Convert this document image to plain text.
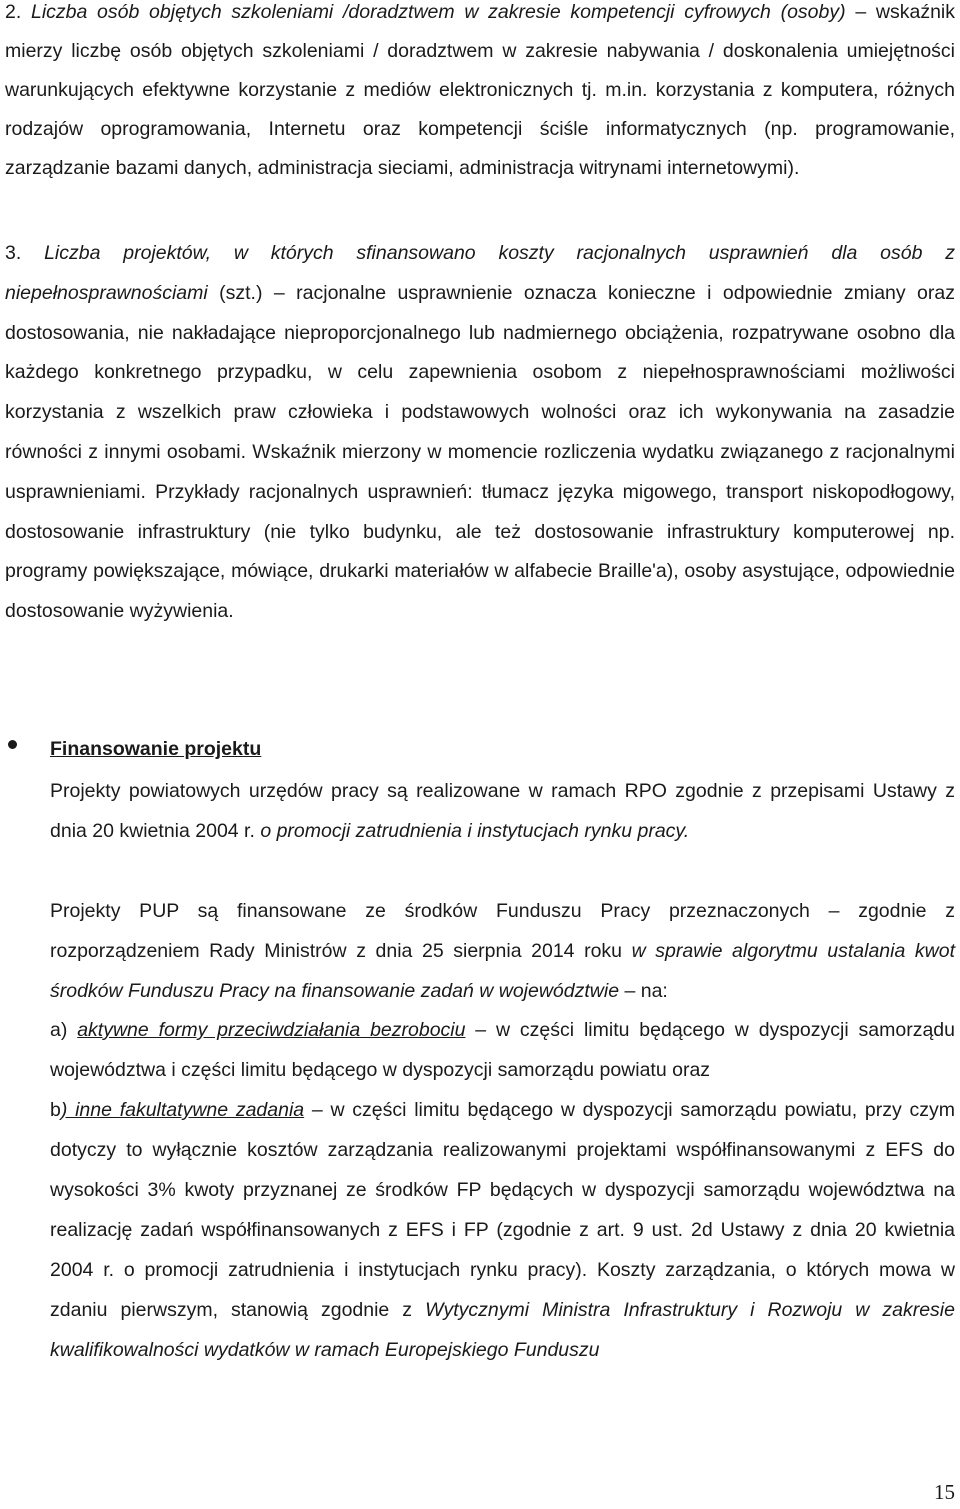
2. Liczba osób objętych szkoleniami /doradztwem w zakresie kompetencji cyfrowych (osoby) – wskaźnik mierzy liczbę osób objętych szkoleniami / doradztwem w zakresie nabywania / doskonalenia umiejętności warunkujących efektywne korzystanie z mediów elektronicznych tj. m.in. korzystania z komputera, różnych rodzajów oprogramowania, Internetu oraz kompetencji ściśle informatycznych (np. programowanie, zarządzanie bazami danych, administracja sieciami, administracja witrynami internetowymi).

3. Liczba projektów, w których sfinansowano koszty racjonalnych usprawnień dla osób z niepełnosprawnościami (szt.) – racjonalne usprawnienie oznacza konieczne i odpowiednie zmiany oraz dostosowania, nie nakładające nieproporcjonalnego lub nadmiernego obciążenia, rozpatrywane osobno dla każdego konkretnego przypadku, w celu zapewnienia osobom z niepełnosprawnościami możliwości korzystania z wszelkich praw człowieka i podstawowych wolności oraz ich wykonywania na zasadzie równości z innymi osobami. Wskaźnik mierzony w momencie rozliczenia wydatku związanego z racjonalnymi usprawnieniami. Przykłady racjonalnych usprawnień: tłumacz języka migowego, transport niskopodłogowy, dostosowanie infrastruktury (nie tylko budynku, ale też dostosowanie infrastruktury komputerowej np. programy powiększające, mówiące, drukarki materiałów w alfabecie Braille'a), osoby asystujące, odpowiednie dostosowanie wyżywienia.

Finansowanie projektu

Projekty powiatowych urzędów pracy są realizowane w ramach RPO zgodnie z przepisami Ustawy z dnia 20 kwietnia 2004 r. o promocji zatrudnienia i instytucjach rynku pracy.

Projekty PUP są finansowane ze środków Funduszu Pracy przeznaczonych – zgodnie z rozporządzeniem Rady Ministrów z dnia 25 sierpnia 2014 roku w sprawie algorytmu ustalania kwot środków Funduszu Pracy na finansowanie zadań w województwie – na:

a) aktywne formy przeciwdziałania bezrobociu – w części limitu będącego w dyspozycji samorządu województwa i części limitu będącego w dyspozycji samorządu powiatu oraz

b) inne fakultatywne zadania – w części limitu będącego w dyspozycji samorządu powiatu, przy czym dotyczy to wyłącznie kosztów zarządzania realizowanymi projektami współfinansowanymi z EFS do wysokości 3% kwoty przyznanej ze środków FP będących w dyspozycji samorządu województwa na realizację zadań współfinansowanych z EFS i FP (zgodnie z art. 9 ust. 2d Ustawy z dnia 20 kwietnia 2004 r. o promocji zatrudnienia i instytucjach rynku pracy). Koszty zarządzania, o których mowa w zdaniu pierwszym, stanowią zgodnie z Wytycznymi Ministra Infrastruktury i Rozwoju w zakresie kwalifikowalności wydatków w ramach Europejskiego Funduszu

15
